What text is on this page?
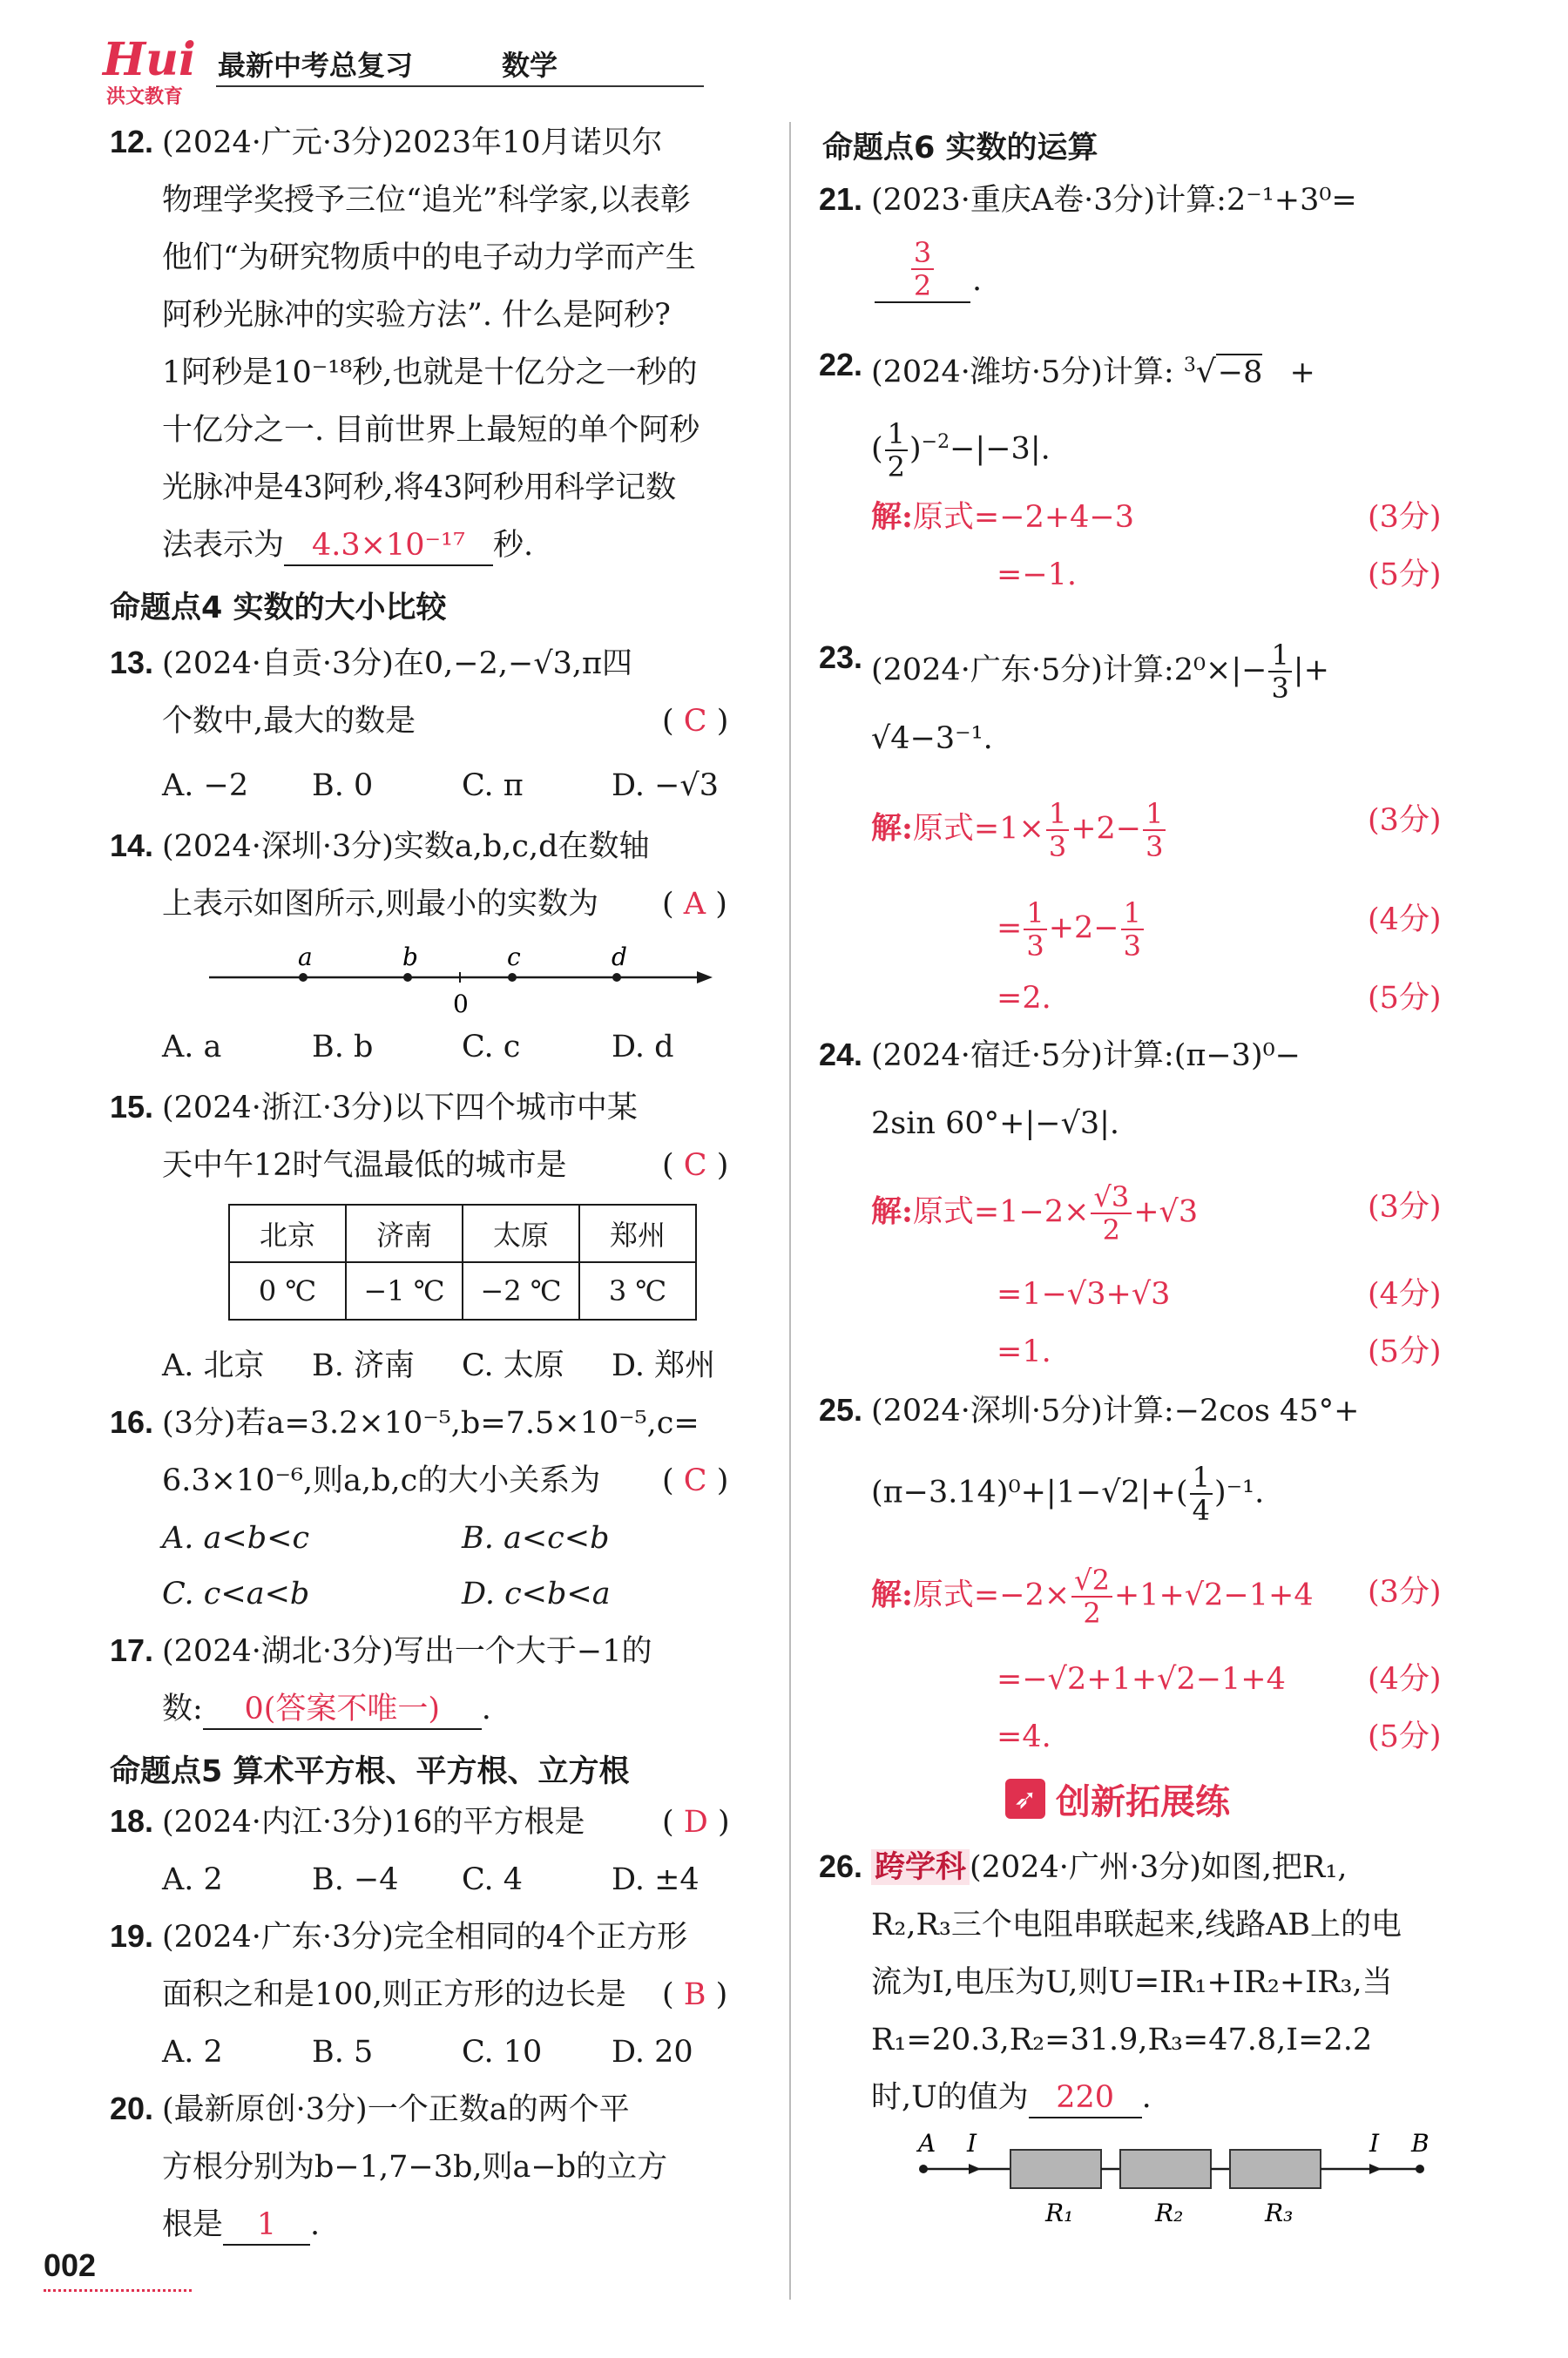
Hui
洪文教育
最新中考总复习	数学
12. (2024·广元·3分)2023年10月诺贝尔
物理学奖授予三位“追光”科学家,以表彰
他们“为研究物质中的电子动力学而产生
阿秒光脉冲的实验方法”. 什么是阿秒?
1阿秒是10⁻¹⁸秒,也就是十亿分之一秒的
十亿分之一. 目前世界上最短的单个阿秒
光脉冲是43阿秒,将43阿秒用科学记数
法表示为 4.3×10⁻¹⁷ 秒.
命题点4 实数的大小比较
13. (2024·自贡·3分)在0,−2,−√3,π四
个数中,最大的数是	( C )
A. −2 B. 0	C. π	D. −√3
14. (2024·深圳·3分)实数a,b,c,d在数轴
上表示如图所示,则最小的实数为 ( A )
a	b	c	d
0
A. a	B. b	C. c	D. d
15. (2024·浙江·3分)以下四个城市中某
天中午12时气温最低的城市是	( C )
北京	济南	太原	郑州
0 ℃	−1 ℃	−2 ℃	3 ℃
A. 北京 B. 济南 C. 太原 D. 郑州
16. (3分)若a=3.2×10⁻⁵,b=7.5×10⁻⁵,c=
6.3×10⁻⁶,则a,b,c的大小关系为 ( C )
A. a<b<c	B. a<c<b
C. c<a<b	D. c<b<a
17. (2024·湖北·3分)写出一个大于−1的
数: 0(答案不唯一) .
命题点5 算术平方根、平方根、立方根
18. (2024·内江·3分)16的平方根是	( D )
A. 2	B. −4 C. 4	D. ±4
19. (2024·广东·3分)完全相同的4个正方形
面积之和是100,则正方形的边长是 ( B )
A. 2	B. 5	C. 10 D. 20
20. (最新原创·3分)一个正数a的两个平
方根分别为b−1,7−3b,则a−b的立方
根是 1 .
002
命题点6 实数的运算
21. (2023·重庆A卷·3分)计算:2⁻¹+3⁰=
$\frac{3}{2}$ .
22. (2024·潍坊·5分)计算: $^3$√−8 +
( $\frac{1}{2} )^{-2}-|-3|$.
解:原式=−2+4−3	(3分)
=−1.	(5分)
23. (2024·广东·5分)计算:2⁰×|− $\frac{1}{3}$ |+
√4−3⁻¹.
解:原式$=1\times \frac{1}{3} +2- \frac{1}{3}$	(3分)
= $\frac{1}{3} +2- \frac{1}{3}$	(4分)
=2.	(5分)
24. (2024·宿迁·5分)计算:(π−3)⁰−
2sin 60°+|−√3|.
解:原式$=1-2\times \frac{√3}{2} +√3$	(3分)
=1−√3+√3	(4分)
=1.	(5分)
25. (2024·深圳·5分)计算:−2cos 45°+
$(\pi-3.14)^0+|1-√2|+( \frac{1}{4} )^{-1}$.
解:原式$=-2\times \frac{√2}{2} +1+√2-1+4$ (3分)
=−√2+1+√2−1+4	(4分)
=4.	(5分)
➶ 创新拓展练
26. 跨学科 (2024·广州·3分)如图,把R₁,
R₂,R₃三个电阻串联起来,线路AB上的电
流为I,电压为U,则U=IR₁+IR₂+IR₃,当
R₁=20.3,R₂=31.9,R₃=47.8,I=2.2
时,U的值为 220 .
A I	I B
R₁	R₂	R₃
